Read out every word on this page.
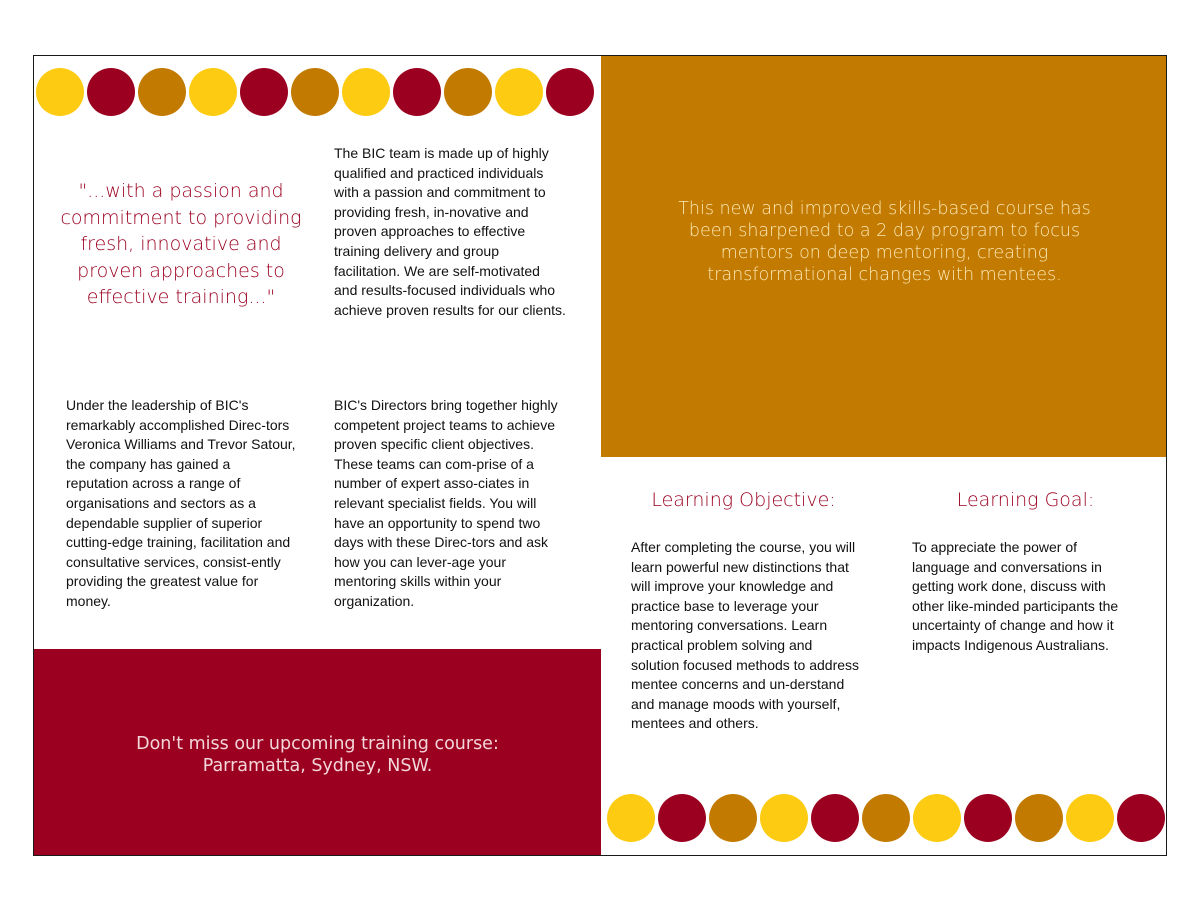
"...with a passion and commitment to providing fresh, innovative and proven approaches to effective training..."

The BIC team is made up of highly qualified and practiced individuals with a passion and commitment to providing fresh, in-novative and proven approaches to effective training delivery and group facilitation. We are self-motivated and results-focused individuals who achieve proven results for our clients.

Under the leadership of BIC's remarkably accomplished Direc-tors Veronica Williams and Trevor Satour, the company has gained a reputation across a range of organisations and sectors as a dependable supplier of superior cutting-edge training, facilitation and consultative services, consist-ently providing the greatest value for money.

BIC's Directors bring together highly competent project teams to achieve proven specific client objectives. These teams can com-prise of a number of expert asso-ciates in relevant specialist fields. You will have an opportunity to spend two days with these Direc-tors and ask how you can lever-age your mentoring skills within your organization.

Don't miss our upcoming training course:
Parramatta, Sydney, NSW.

This new and improved skills-based course has been sharpened to a 2 day program to focus mentors on deep mentoring, creating transformational changes with mentees.

Learning Objective:

After completing the course, you will learn powerful new distinctions that will improve your knowledge and practice base to leverage your mentoring conversations. Learn practical problem solving and solution focused methods to address mentee concerns and un-derstand and manage moods with yourself, mentees and others.

Learning Goal:

To appreciate the power of language and conversations in getting work done, discuss with other like-minded participants the uncertainty of change and how it impacts Indigenous Australians.
